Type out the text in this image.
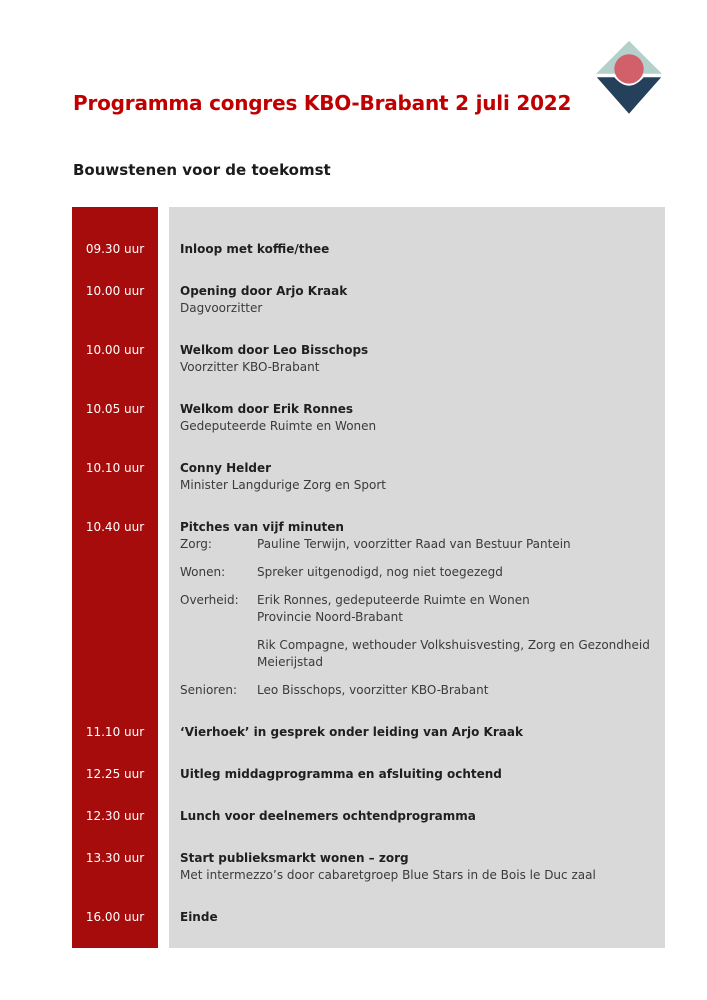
Programma congres KBO-Brabant 2 juli 2022
Bouwstenen voor de toekomst
09.30 uur	Inloop met koffie/thee
10.00 uur	Opening door Arjo Kraak
Dagvoorzitter
10.00 uur	Welkom door Leo Bisschops
Voorzitter KBO-Brabant
10.05 uur	Welkom door Erik Ronnes
Gedeputeerde Ruimte en Wonen
10.10 uur	Conny Helder
Minister Langdurige Zorg en Sport
10.40 uur	Pitches van vijf minuten
Zorg:	Pauline Terwijn, voorzitter Raad van Bestuur Pantein
Wonen:	Spreker uitgenodigd, nog niet toegezegd
Overheid:	Erik Ronnes, gedeputeerde Ruimte en Wonen
Provincie Noord-Brabant
Rik Compagne, wethouder Volkshuisvesting, Zorg en Gezondheid
Meierijstad
Senioren:	Leo Bisschops, voorzitter KBO-Brabant
11.10 uur	‘Vierhoek’ in gesprek onder leiding van Arjo Kraak
12.25 uur	Uitleg middagprogramma en afsluiting ochtend
12.30 uur	Lunch voor deelnemers ochtendprogramma
13.30 uur	Start publieksmarkt wonen – zorg
Met intermezzo’s door cabaretgroep Blue Stars in de Bois le Duc zaal
16.00 uur	Einde
